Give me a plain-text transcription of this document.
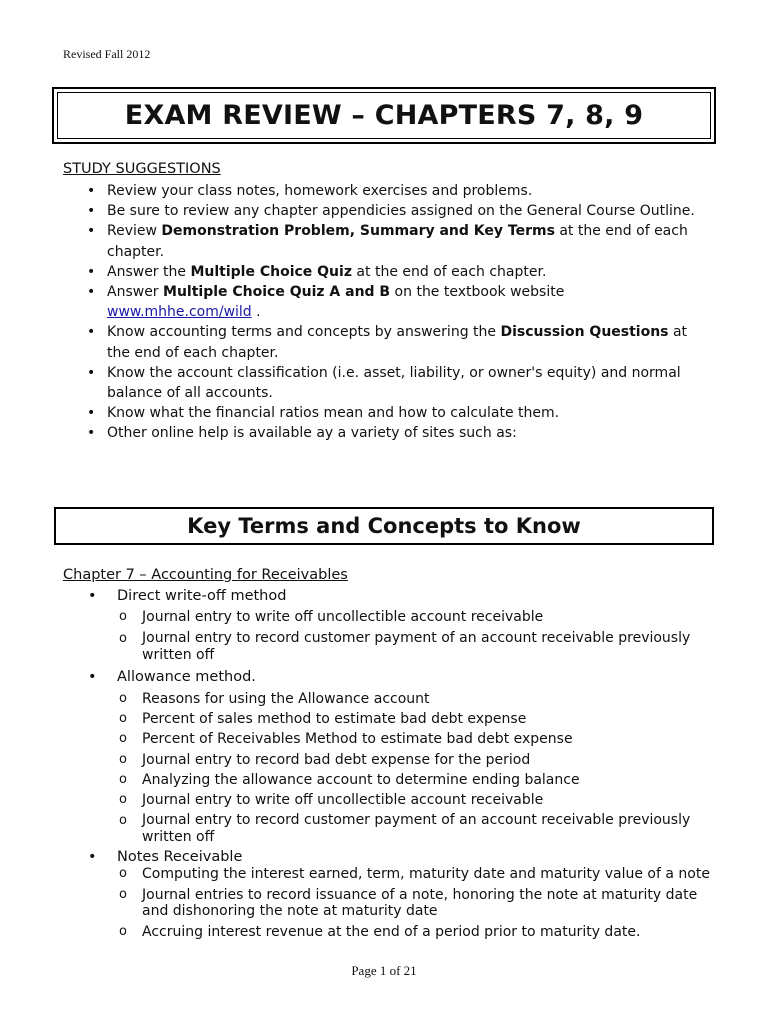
Revised Fall 2012
EXAM REVIEW – CHAPTERS 7, 8, 9
STUDY SUGGESTIONS
• Review your class notes, homework exercises and problems.
• Be sure to review any chapter appendicies assigned on the General Course Outline.
• Review Demonstration Problem, Summary and Key Terms at the end of each chapter.
• Answer the Multiple Choice Quiz at the end of each chapter.
• Answer Multiple Choice Quiz A and B on the textbook website
www.mhhe.com/wild .
• Know accounting terms and concepts by answering the Discussion Questions at the end of each chapter.
• Know the account classification (i.e. asset, liability, or owner's equity) and normal balance of all accounts.
• Know what the financial ratios mean and how to calculate them.
• Other online help is available ay a variety of sites such as:
Key Terms and Concepts to Know
Chapter 7 – Accounting for Receivables
• Direct write-off method
o Journal entry to write off uncollectible account receivable
o Journal entry to record customer payment of an account receivable previously written off
• Allowance method.
o Reasons for using the Allowance account
o Percent of sales method to estimate bad debt expense
o Percent of Receivables Method to estimate bad debt expense
o Journal entry to record bad debt expense for the period
o Analyzing the allowance account to determine ending balance
o Journal entry to write off uncollectible account receivable
o Journal entry to record customer payment of an account receivable previously written off
• Notes Receivable
o Computing the interest earned, term, maturity date and maturity value of a note
o Journal entries to record issuance of a note, honoring the note at maturity date and dishonoring the note at maturity date
o Accruing interest revenue at the end of a period prior to maturity date.
Page 1 of 21
